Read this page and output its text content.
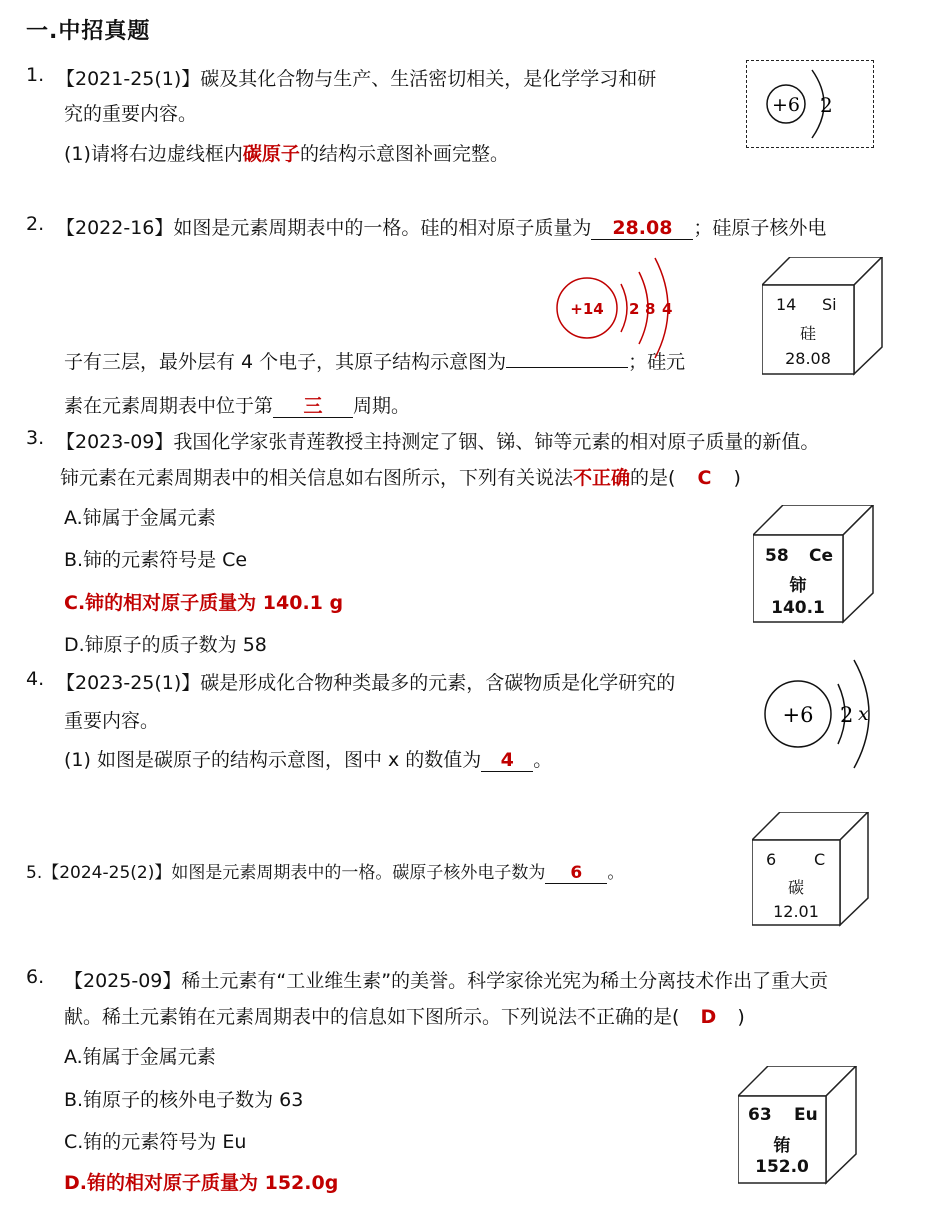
一.中招真题
1. 【2021-25(1)】碳及其化合物与生产、生活密切相关，是化学学习和研
究的重要内容。
(1)请将右边虚线框内碳原子的结构示意图补画完整。
+6 2
2. 【2022-16】如图是元素周期表中的一格。硅的相对原子质量为 28.08 ；硅原子核外电
子有三层，最外层有 4 个电子，其原子结构示意图为	；硅元
素在元素周期表中位于第 三 周期。
+14 2 8 4	14 Si
硅
28.08
3. 【2023-09】我国化学家张青莲教授主持测定了铟、锑、铈等元素的相对原子质量的新值。
铈元素在元素周期表中的相关信息如右图所示，下列有关说法不正确的是( C )
A.铈属于金属元素
B.铈的元素符号是 Ce
C.铈的相对原子质量为 140.1 g
D.铈原子的质子数为 58
58 Ce
铈
140.1
4. 【2023-25(1)】碳是形成化合物种类最多的元素，含碳物质是化学研究的
重要内容。
(1) 如图是碳原子的结构示意图，图中 x 的数值为 4 。
+6 2 x
5.【2024-25(2)】如图是元素周期表中的一格。碳原子核外电子数为 6 。
6 C
碳
12.01
6. 【2025-09】稀土元素有“工业维生素”的美誉。科学家徐光宪为稀土分离技术作出了重大贡
献。稀土元素铕在元素周期表中的信息如下图所示。下列说法不正确的是( D )
A.铕属于金属元素
B.铕原子的核外电子数为 63
C.铕的元素符号为 Eu
D.铕的相对原子质量为 152.0g
63 Eu
铕
152.0
